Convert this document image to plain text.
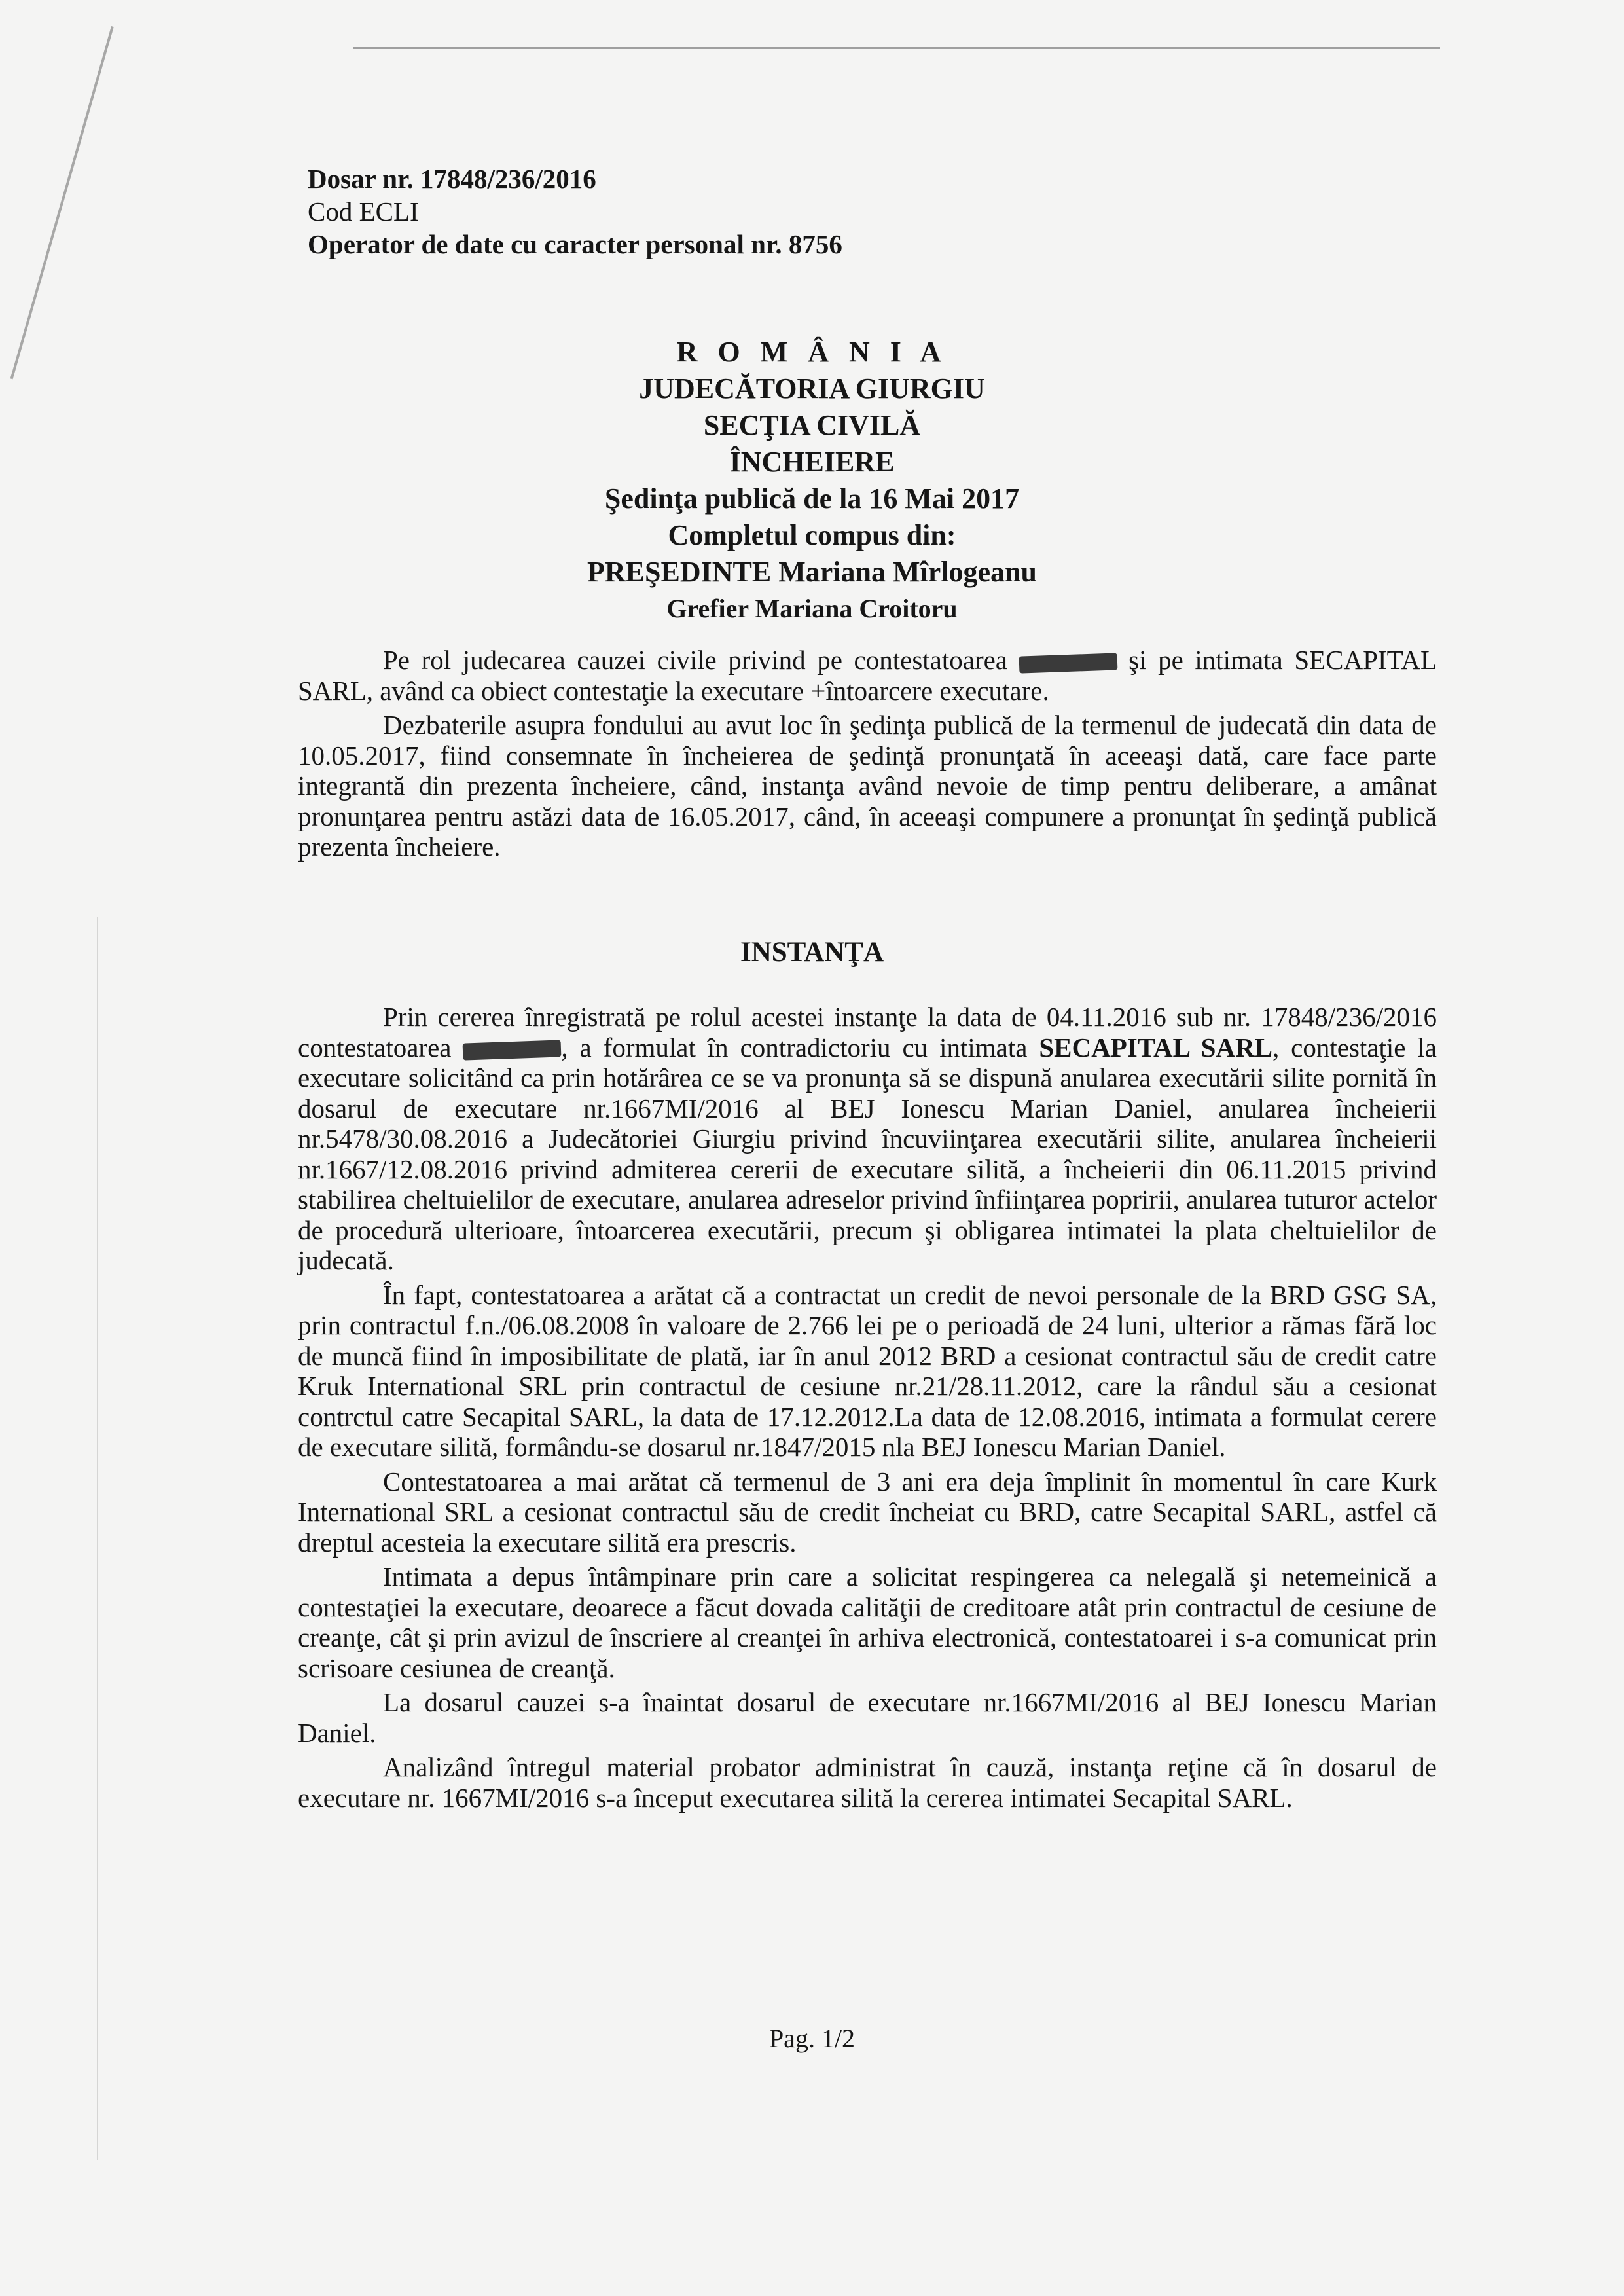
Dosar nr. 17848/236/2016
Cod ECLI
Operator de date cu caracter personal nr. 8756
R O M Â N I A
JUDECĂTORIA GIURGIU
SECŢIA CIVILĂ
ÎNCHEIERE
Şedinţa publică de la 16 Mai 2017
Completul compus din:
PREŞEDINTE Mariana Mîrlogeanu
Grefier Mariana Croitoru

Pe rol judecarea cauzei civile privind pe contestatoarea	şi pe intimata SECAPITAL SARL, având ca obiect contestaţie la executare +întoarcere executare.

Dezbaterile asupra fondului au avut loc în şedinţa publică de la termenul de judecată din data de 10.05.2017, fiind consemnate în încheierea de şedinţă pronunţată în aceeaşi dată, care face parte integrantă din prezenta încheiere, când, instanţa având nevoie de timp pentru deliberare, a amânat pronunţarea pentru astăzi data de 16.05.2017, când, în aceeaşi compunere a pronunţat în şedinţă publică prezenta încheiere.

INSTANŢA

Prin cererea înregistrată pe rolul acestei instanţe la data de 04.11.2016 sub nr. 17848/236/2016 contestatoarea	, a formulat în contradictoriu cu intimata SECAPITAL SARL, contestaţie la executare solicitând ca prin hotărârea ce se va pronunţa să se dispună anularea executării silite pornită în dosarul de executare nr.1667MI/2016 al BEJ Ionescu Marian Daniel, anularea încheierii nr.5478/30.08.2016 a Judecătoriei Giurgiu privind încuviinţarea executării silite, anularea încheierii nr.1667/12.08.2016 privind admiterea cererii de executare silită, a încheierii din 06.11.2015 privind stabilirea cheltuielilor de executare, anularea adreselor privind înfiinţarea popririi, anularea tuturor actelor de procedură ulterioare, întoarcerea executării, precum şi obligarea intimatei la plata cheltuielilor de judecată.

În fapt, contestatoarea a arătat că a contractat un credit de nevoi personale de la BRD GSG SA, prin contractul f.n./06.08.2008 în valoare de 2.766 lei pe o perioadă de 24 luni, ulterior a rămas fără loc de muncă fiind în imposibilitate de plată, iar în anul 2012 BRD a cesionat contractul său de credit catre Kruk International SRL prin contractul de cesiune nr.21/28.11.2012, care la rândul său a cesionat contrctul catre Secapital SARL, la data de 17.12.2012.La data de 12.08.2016, intimata a formulat cerere de executare silită, formându-se dosarul nr.1847/2015 nla BEJ Ionescu Marian Daniel.

Contestatoarea a mai arătat că termenul de 3 ani era deja împlinit în momentul în care Kurk International SRL a cesionat contractul său de credit încheiat cu BRD, catre Secapital SARL, astfel că dreptul acesteia la executare silită era prescris.

Intimata a depus întâmpinare prin care a solicitat respingerea ca nelegală şi netemeinică a contestaţiei la executare, deoarece a făcut dovada calităţii de creditoare atât prin contractul de cesiune de creanţe, cât şi prin avizul de înscriere al creanţei în arhiva electronică, contestatoarei i s-a comunicat prin scrisoare cesiunea de creanţă.

La dosarul cauzei s-a înaintat dosarul de executare nr.1667MI/2016 al BEJ Ionescu Marian Daniel.

Analizând întregul material probator administrat în cauză, instanţa reţine că în dosarul de executare nr. 1667MI/2016 s-a început executarea silită la cererea intimatei Secapital SARL.

Pag. 1/2
